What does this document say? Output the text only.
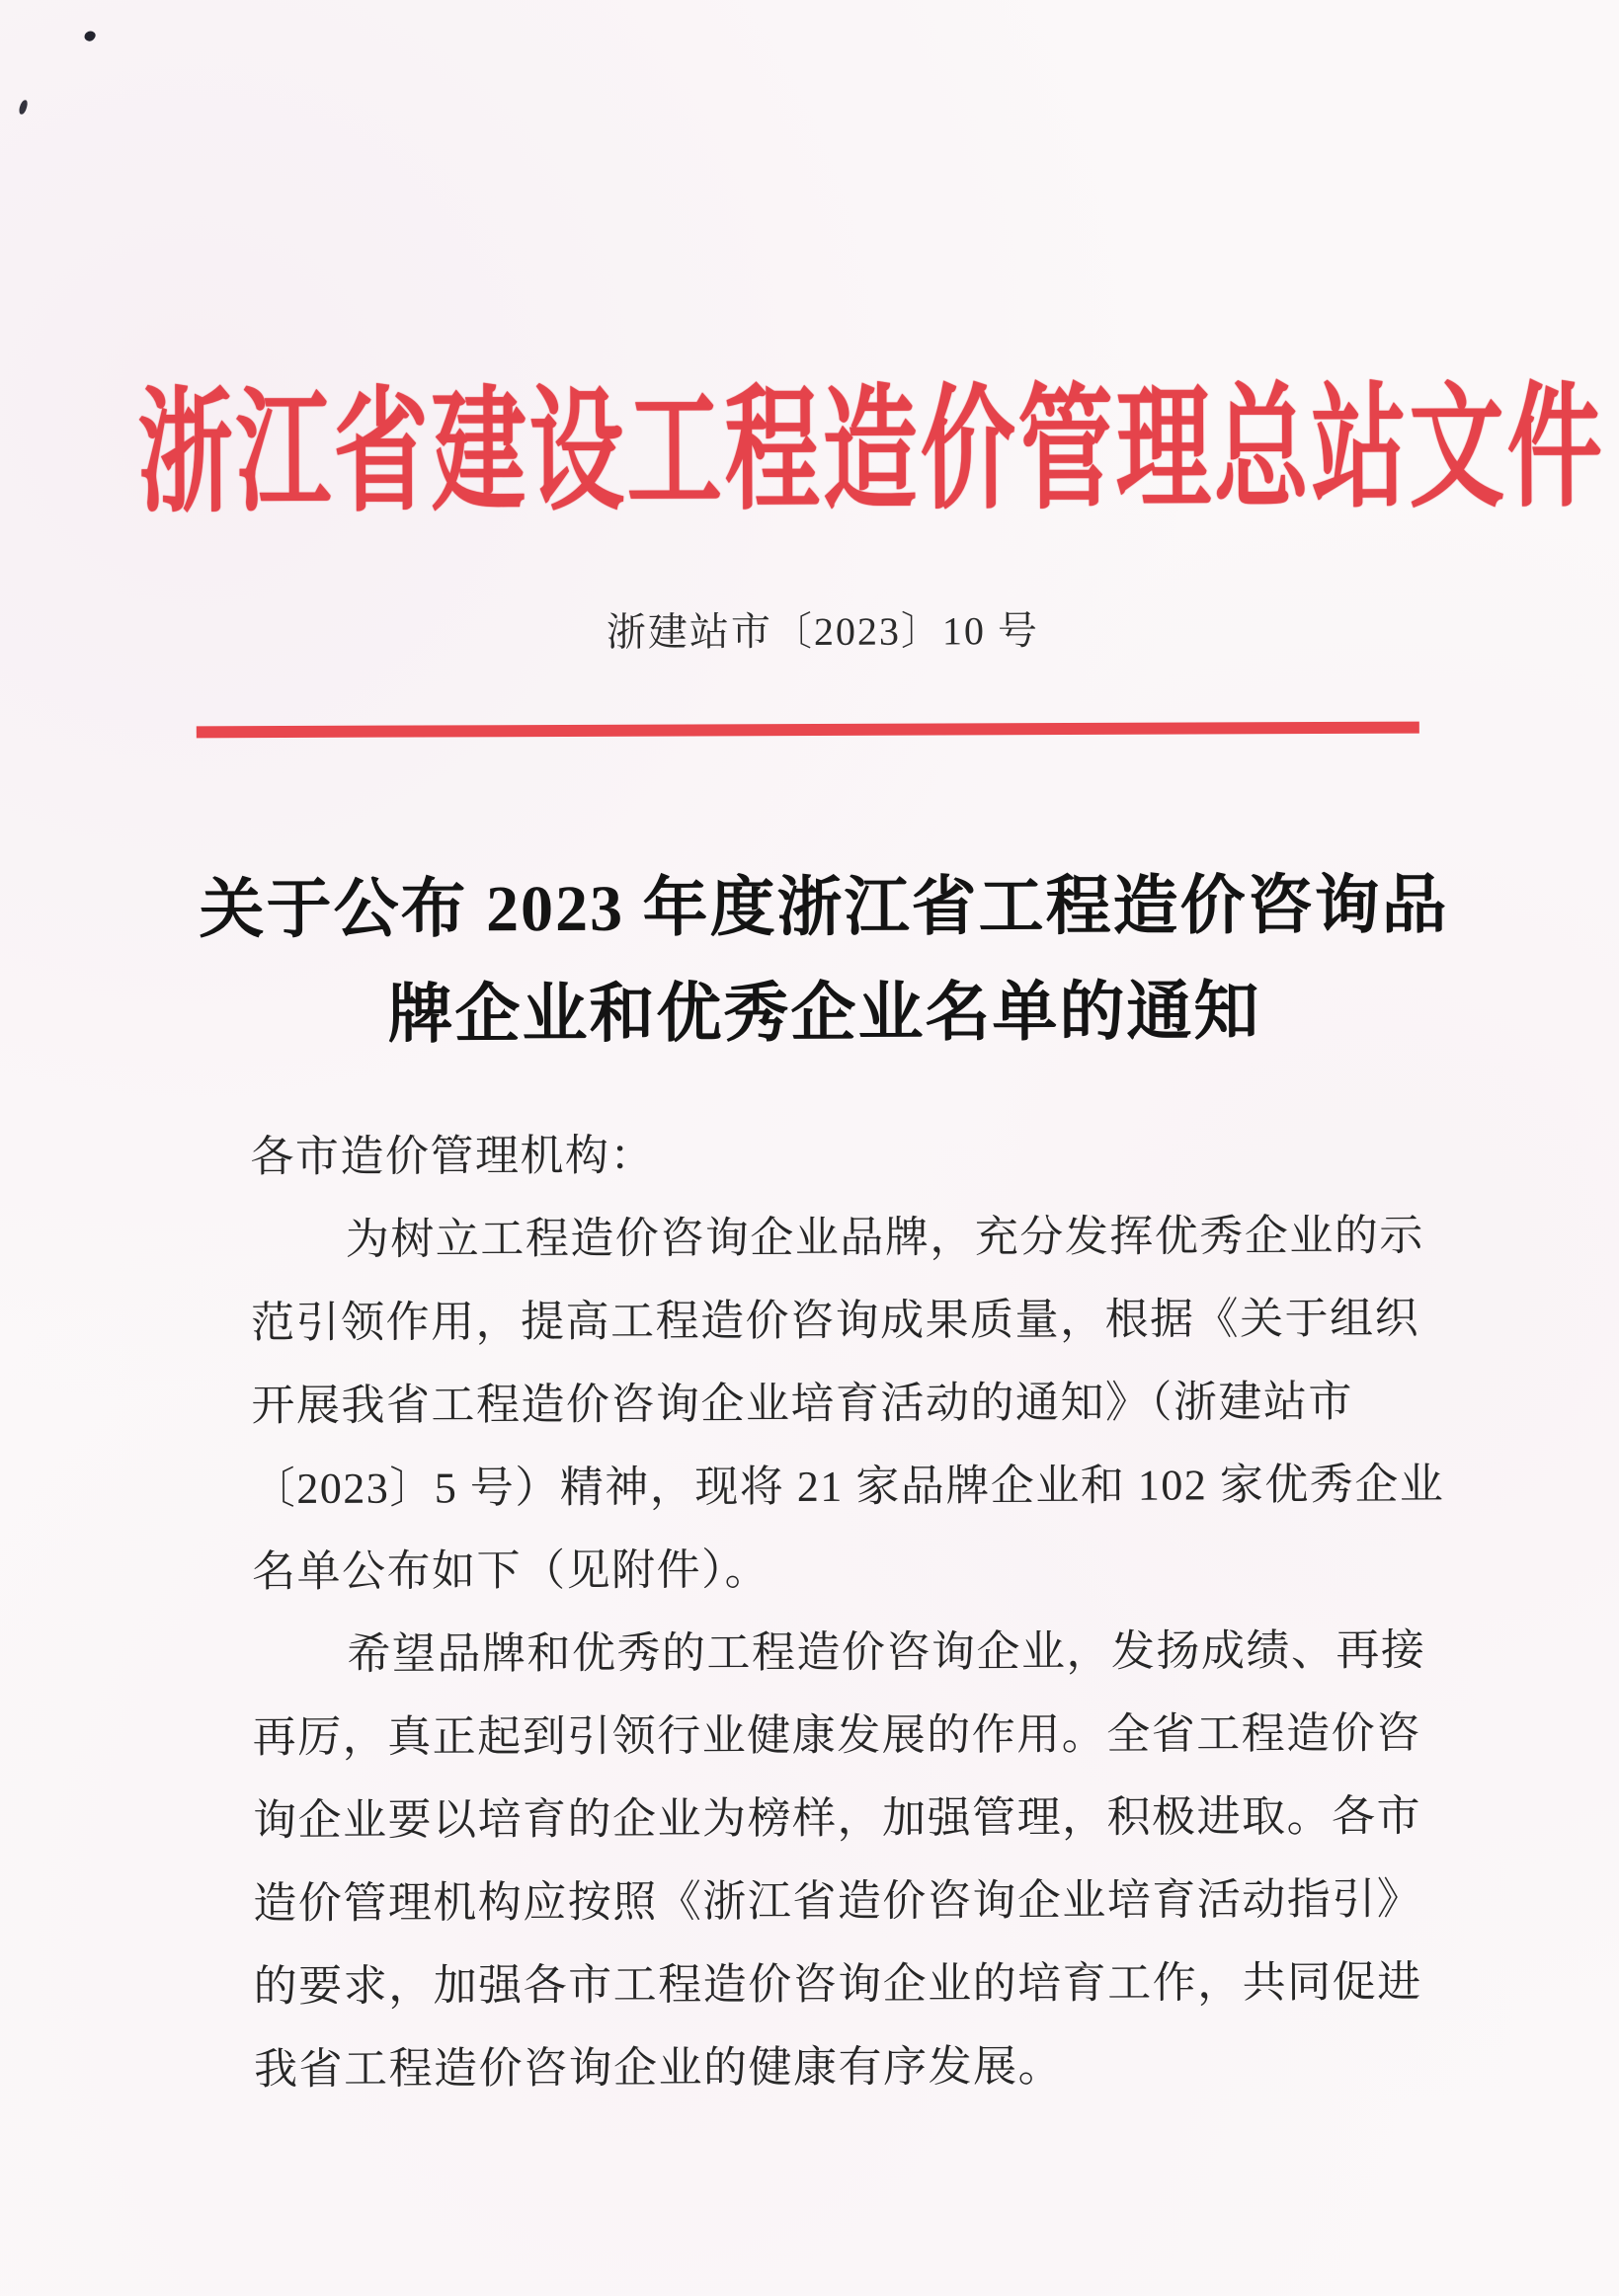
浙江省建设工程造价管理总站文件
浙建站市〔2023〕10 号
关于公布 2023 年度浙江省工程造价咨询品
牌企业和优秀企业名单的通知
各市造价管理机构：
为树立工程造价咨询企业品牌，充分发挥优秀企业的示
范引领作用，提高工程造价咨询成果质量，根据《关于组织
开展我省工程造价咨询企业培育活动的通知》（浙建站市
〔2023〕5 号）精神，现将 21 家品牌企业和 102 家优秀企业
名单公布如下（见附件）。
希望品牌和优秀的工程造价咨询企业，发扬成绩、再接
再厉，真正起到引领行业健康发展的作用。全省工程造价咨
询企业要以培育的企业为榜样，加强管理，积极进取。各市
造价管理机构应按照《浙江省造价咨询企业培育活动指引》
的要求，加强各市工程造价咨询企业的培育工作，共同促进
我省工程造价咨询企业的健康有序发展。
